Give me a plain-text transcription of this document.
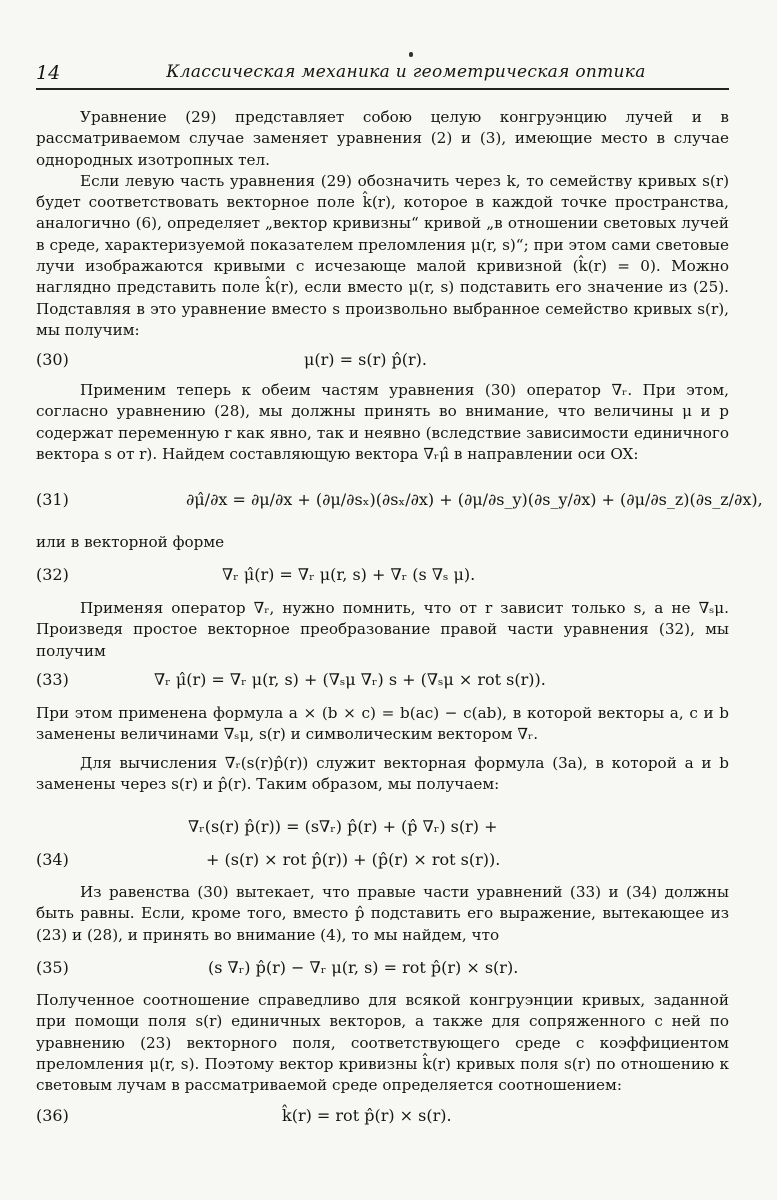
14	Классическая механика и геометрическая оптика

Уравнение (29) представляет собою целую конгруэнцию лучей и в рассматриваемом случае заменяет уравнения (2) и (3), имеющие место в случае однородных изотропных тел.

Если левую часть уравнения (29) обозначить через k, то семейству кривых s(r) будет соответствовать векторное поле k̂(r), которое в каждой точке пространства, аналогично (6), определяет „вектор кривизны“ кривой „в отношении световых лучей в среде, характеризуемой показателем преломления μ(r, s)“; при этом сами световые лучи изображаются кривыми с исчезающе малой кривизной (k̂(r) = 0). Можно наглядно представить поле k̂(r), если вместо μ(r, s) подставить его значение из (25). Подставляя в это уравнение вместо s произвольно выбранное семейство кривых s(r), мы получим:

(30)	μ(r) = s(r) p̂(r).

Применим теперь к обеим частям уравнения (30) оператор ∇ᵣ. При этом, согласно уравнению (28), мы должны принять во внимание, что величины μ и p содержат переменную r как явно, так и неявно (вследствие зависимости единичного вектора s от r). Найдем составляющую вектора ∇ᵣμ̂ в направлении оси OX:

(31)	∂μ̂/∂x = ∂μ/∂x + (∂μ/∂sₓ)(∂sₓ/∂x) + (∂μ/∂s_y)(∂s_y/∂x) + (∂μ/∂s_z)(∂s_z/∂x),

или в векторной форме

(32)	∇ᵣ μ̂(r) = ∇ᵣ μ(r, s) + ∇ᵣ (s ∇ₛ μ).

Применяя оператор ∇ᵣ, нужно помнить, что от r зависит только s, а не ∇ₛμ. Произведя простое векторное преобразование правой части уравнения (32), мы получим

(33)	∇ᵣ μ̂(r) = ∇ᵣ μ(r, s) + (∇ₛμ ∇ᵣ) s + (∇ₛμ × rot s(r)).

При этом применена формула a × (b × c) = b(ac) − c(ab), в которой векторы a, c и b заменены величинами ∇ₛμ, s(r) и символическим вектором ∇ᵣ.

Для вычисления ∇ᵣ(s(r)p̂(r)) служит векторная формула (3a), в которой a и b заменены через s(r) и p̂(r). Таким образом, мы получаем:

∇ᵣ(s(r) p̂(r)) = (s∇ᵣ) p̂(r) + (p̂ ∇ᵣ) s(r) +
(34)	+ (s(r) × rot p̂(r)) + (p̂(r) × rot s(r)).

Из равенства (30) вытекает, что правые части уравнений (33) и (34) должны быть равны. Если, кроме того, вместо p̂ подставить его выражение, вытекающее из (23) и (28), и принять во внимание (4), то мы найдем, что

(35)	(s ∇ᵣ) p̂(r) − ∇ᵣ μ(r, s) = rot p̂(r) × s(r).

Полученное соотношение справедливо для всякой конгруэнции кривых, заданной при помощи поля s(r) единичных векторов, а также для сопряженного с ней по уравнению (23) векторного поля, соответствующего среде с коэффициентом преломления μ(r, s). Поэтому вектор кривизны k̂(r) кривых поля s(r) по отношению к световым лучам в рассматриваемой среде определяется соотношением:

(36)	k̂(r) = rot p̂(r) × s(r).
